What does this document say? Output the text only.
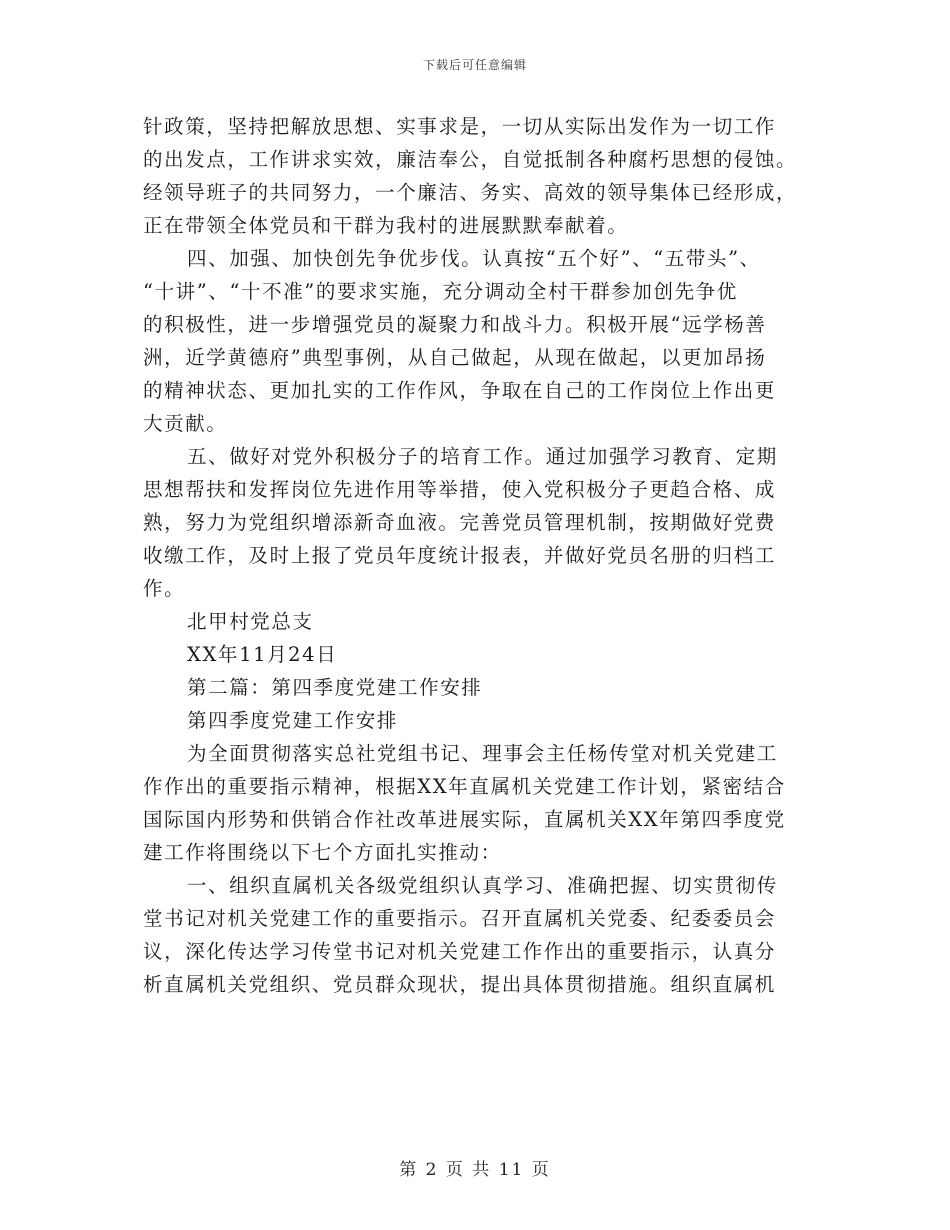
下载后可任意编辑
针政策，坚持把解放思想、实事求是，一切从实际出发作为一切工作
的出发点，工作讲求实效，廉洁奉公，自觉抵制各种腐朽思想的侵蚀。
经领导班子的共同努力，一个廉洁、务实、高效的领导集体已经形成，
正在带领全体党员和干群为我村的进展默默奉献着。
四、加强、加快创先争优步伐。认真按“五个好”、“五带头”、
“十讲”、“十不准”的要求实施，充分调动全村干群参加创先争优
的积极性，进一步增强党员的凝聚力和战斗力。积极开展“远学杨善
洲，近学黄德府”典型事例，从自己做起，从现在做起，以更加昂扬
的精神状态、更加扎实的工作作风，争取在自己的工作岗位上作出更
大贡献。
五、做好对党外积极分子的培育工作。通过加强学习教育、定期
思想帮扶和发挥岗位先进作用等举措，使入党积极分子更趋合格、成
熟，努力为党组织增添新奇血液。完善党员管理机制，按期做好党费
收缴工作，及时上报了党员年度统计报表，并做好党员名册的归档工
作。
北甲村党总支
XX年11月24日
第二篇：第四季度党建工作安排
第四季度党建工作安排
为全面贯彻落实总社党组书记、理事会主任杨传堂对机关党建工
作作出的重要指示精神，根据XX年直属机关党建工作计划，紧密结合
国际国内形势和供销合作社改革进展实际，直属机关XX年第四季度党
建工作将围绕以下七个方面扎实推动：
一、组织直属机关各级党组织认真学习、准确把握、切实贯彻传
堂书记对机关党建工作的重要指示。召开直属机关党委、纪委委员会
议，深化传达学习传堂书记对机关党建工作作出的重要指示，认真分
析直属机关党组织、党员群众现状，提出具体贯彻措施。组织直属机
第 2 页 共 11 页
